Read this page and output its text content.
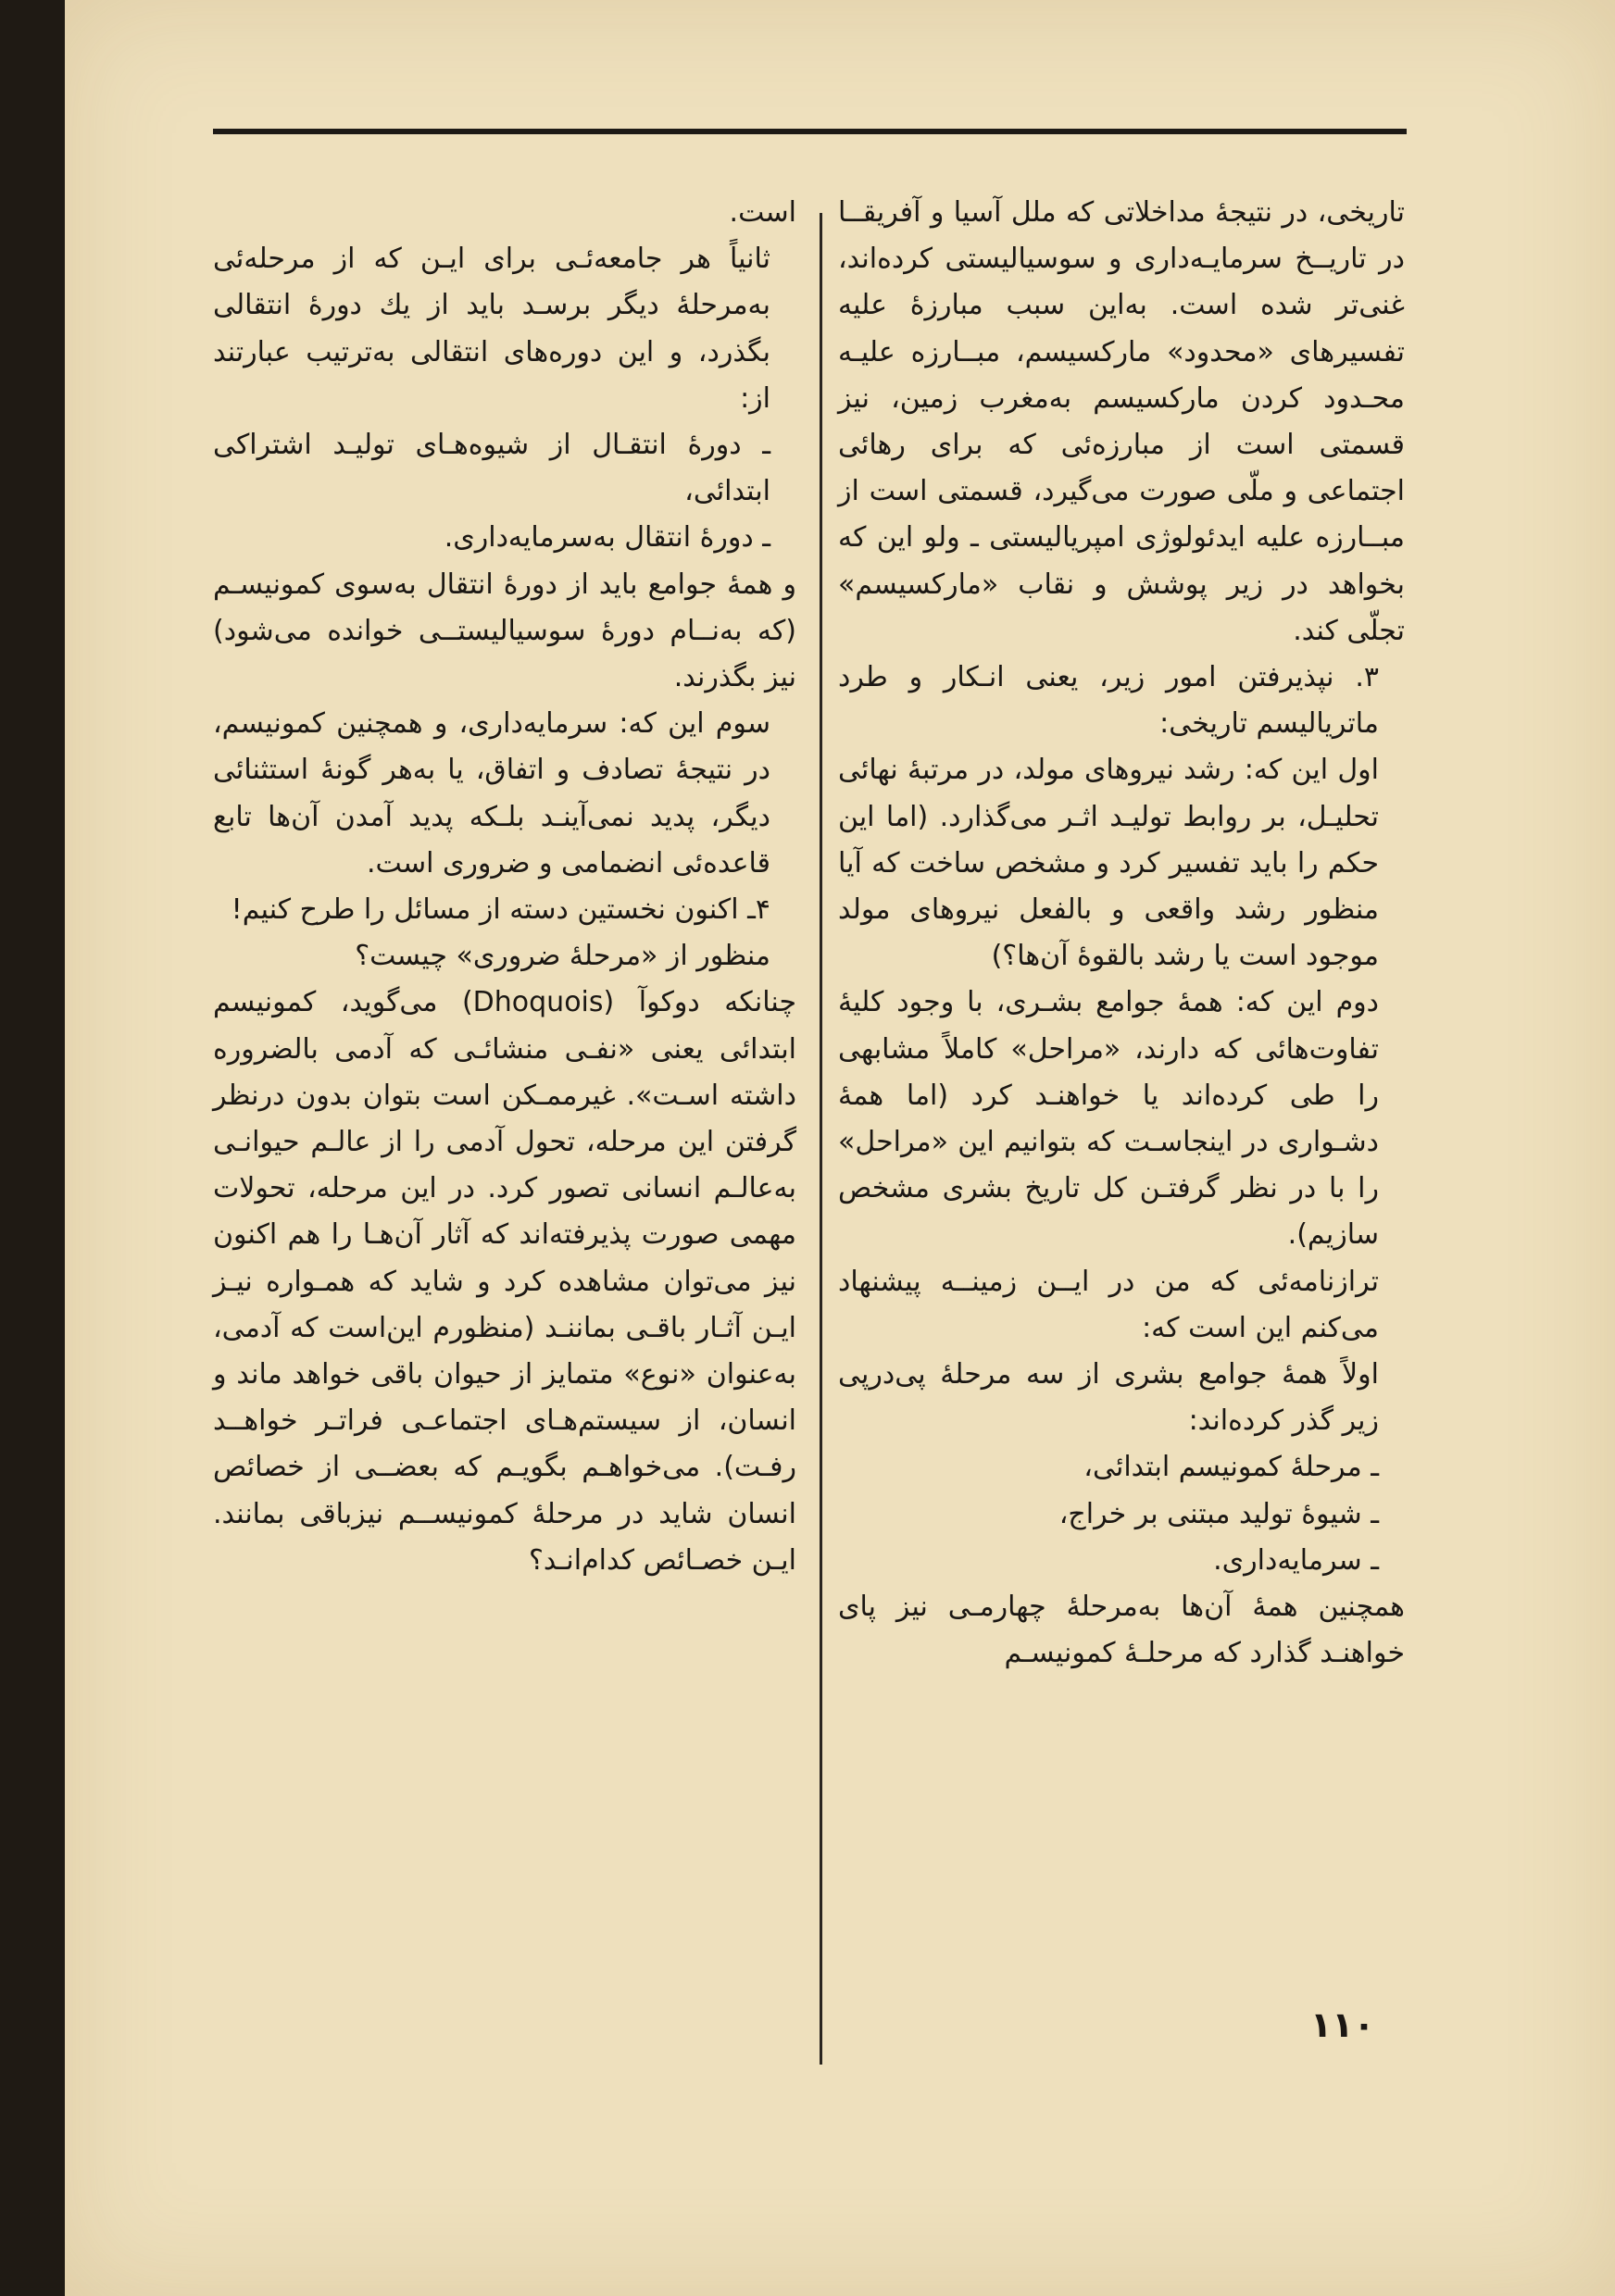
تاریخی، در نتیجهٔ مداخلاتی که ملل آسیا و آفریقــا در تاریــخ سرمایـه‌داری و سوسیالیستی کرده‌اند، غنی‌تر شده است. به‌این سبب مبارزهٔ علیه تفسیرهای «محدود» مارکسیسم، مبــارزه علیـه محـدود کردن مارکسیسم به‌مغرب زمین، نیز قسمتی است از مبارزه‌ئی که برای رهائی اجتماعی و ملّی صورت می‌گیرد، قسمتی است از مبــارزه علیه ایدئولوژی امپریالیستی ـ ولو این که بخواهد در زیر پوشش و نقاب «مارکسیسم» تجلّی کند.

۳. نپذیرفتن امور زیر، یعنی انـکار و طرد ماتریالیسم تاریخی:

اول این که: رشد نیروهای مولد، در مرتبهٔ نهائی تحلیـل، بر روابط تولیـد اثـر می‌گذارد. (اما این حکم را باید تفسیر کرد و مشخص ساخت که آیا منظور رشد واقعی و بالفعل نیروهای مولد موجود است یا رشد بالقوهٔ آن‌ها؟)

دوم این که: همهٔ جوامع بشـری، با وجود کلیهٔ تفاوت‌هائی که دارند، «مراحل» کاملاً مشابهی را طی کرده‌اند یا خواهنـد کرد (اما همهٔ دشـواری در اینجاسـت که بتوانیم این «مراحل» را با در نظر گرفتـن کل تاریخ بشری مشخص سازیم).

ترازنامه‌ئی که من در ایــن زمینــه پیشنهاد می‌کنم این است که:

اولاً همهٔ جوامع بشری از سه مرحلهٔ پی‌درپی زیر گذر کرده‌اند:

ـ مرحلهٔ کمونیسم ابتدائی،

ـ شیوهٔ تولید مبتنی بر خراج،

ـ سرمایه‌داری.

همچنین همهٔ آن‌ها به‌مرحلهٔ چهارمـی نیز پای خواهنـد گذارد که مرحلـهٔ کمونیسـم

است.

ثانیاً هر جامعه‌ئـی برای ایـن که از مرحله‌ئی به‌مرحلهٔ دیگر برسـد باید از یك دورهٔ انتقالی بگذرد، و این دوره‌های انتقالی به‌ترتیب عبارتند از:

ـ دورهٔ انتقـال از شیوه‌هـای تولیـد اشتراکی ابتدائی،

ـ دورهٔ انتقال به‌سرمایه‌داری.

و همهٔ جوامع باید از دورهٔ انتقال به‌سوی کمونیسـم (که به‌نــام دورهٔ سوسیالیستــی خوانده می‌شود) نیز بگذرند.

سوم این که: سرمایه‌داری، و همچنین کمونیسم، در نتیجهٔ تصادف و اتفاق، یا به‌هر گونهٔ استثنائی دیگر، پدید نمی‌آینـد بلـکه پدید آمدن آن‌ها تابع قاعده‌ئی انضمامی و ضروری است.

۴ـ اکنون نخستین دسته از مسائل را طرح کنیم!

منظور از «مرحلهٔ ضروری» چیست؟

چنانکه دوکوآ (Dhoquois) می‌گوید، کمونیسم ابتدائی یعنی «نفـی منشائـی که آدمی بالضروره داشته اسـت». غیرممـکن است بتوان بدون درنظر گرفتن این مرحله، تحول آدمی را از عالـم حیوانـی به‌عالـم انسانی تصور کرد. در این مرحله، تحولات مهمی صورت پذیرفته‌اند که آثار آن‌هـا را هم اکنون نیز می‌توان مشاهده کرد و شاید که همـواره نیـز ایـن آثـار باقـی بماننـد (منظورم این‌است که آدمی، به‌عنوان «نوع» متمایز از حیوان باقی خواهد ماند و انسان، از سیستم‌هـای اجتماعـی فراتـر خواهــد رفـت). می‌خواهـم بگویـم که بعضــی از خصائص انسان شاید در مرحلهٔ کمونیســم نیزباقی بمانند. ایـن خصـائص کدام‌انـد؟

۱۱۰
